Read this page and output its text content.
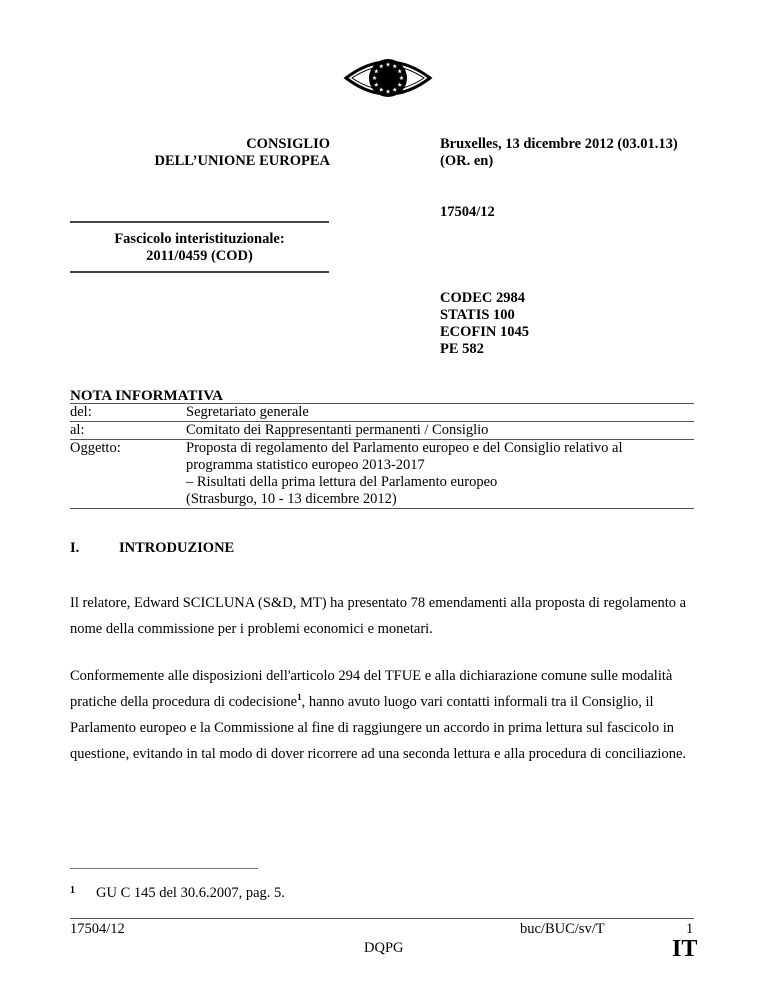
CONSIGLIO
DELL’UNIONE EUROPEA
Bruxelles, 13 dicembre 2012 (03.01.13)
(OR. en)
17504/12
Fascicolo interistituzionale:
2011/0459 (COD)
CODEC 2984
STATIS 100
ECOFIN 1045
PE 582
NOTA INFORMATIVA
del:	Segretariato generale
al:	Comitato dei Rappresentanti permanenti / Consiglio
Oggetto:	Proposta di regolamento del Parlamento europeo e del Consiglio relativo al
programma statistico europeo 2013-2017
– Risultati della prima lettura del Parlamento europeo
(Strasburgo, 10 - 13 dicembre 2012)
I.	INTRODUZIONE
Il relatore, Edward SCICLUNA (S&D, MT) ha presentato 78 emendamenti alla proposta di regolamento a nome della commissione per i problemi economici e monetari.
Conformemente alle disposizioni dell'articolo 294 del TFUE e alla dichiarazione comune sulle modalità pratiche della procedura di codecisione$^1$, hanno avuto luogo vari contatti informali tra il Consiglio, il Parlamento europeo e la Commissione al fine di raggiungere un accordo in prima lettura sul fascicolo in questione, evitando in tal modo di dover ricorrere ad una seconda lettura e alla procedura di conciliazione.
1 GU C 145 del 30.6.2007, pag. 5.
17504/12	buc/BUC/sv/T	1
DQPG	IT
